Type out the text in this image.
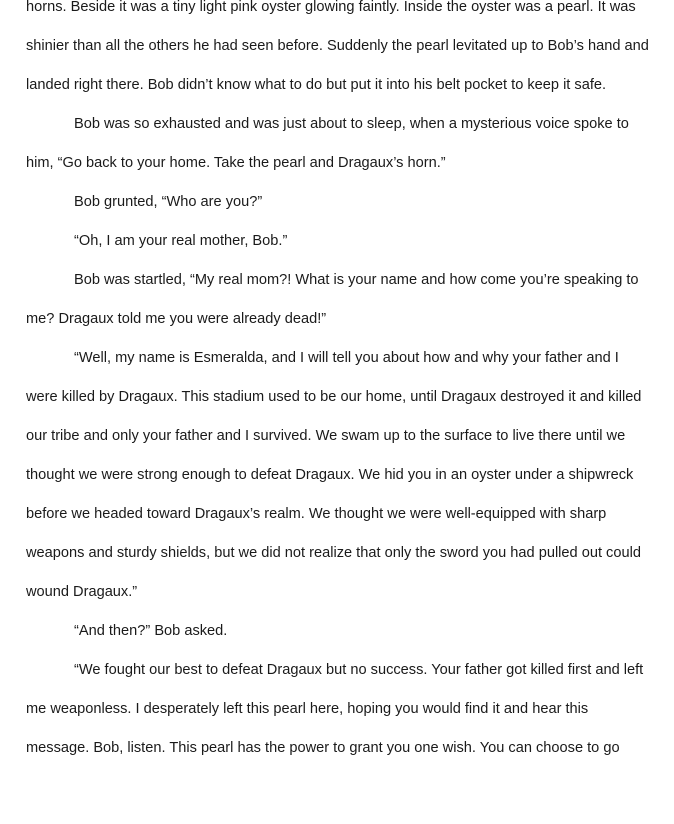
horns. Beside it was a tiny light pink oyster glowing faintly. Inside the oyster was a pearl. It was shinier than all the others he had seen before. Suddenly the pearl levitated up to Bob’s hand and landed right there. Bob didn’t know what to do but put it into his belt pocket to keep it safe.

Bob was so exhausted and was just about to sleep, when a mysterious voice spoke to him, “Go back to your home. Take the pearl and Dragaux’s horn.”

Bob grunted, “Who are you?”

“Oh, I am your real mother, Bob.”

Bob was startled, “My real mom?! What is your name and how come you’re speaking to me? Dragaux told me you were already dead!”

“Well, my name is Esmeralda, and I will tell you about how and why your father and I were killed by Dragaux. This stadium used to be our home, until Dragaux destroyed it and killed our tribe and only your father and I survived. We swam up to the surface to live there until we thought we were strong enough to defeat Dragaux. We hid you in an oyster under a shipwreck before we headed toward Dragaux’s realm. We thought we were well-equipped with sharp weapons and sturdy shields, but we did not realize that only the sword you had pulled out could wound Dragaux.”

“And then?” Bob asked.

“We fought our best to defeat Dragaux but no success. Your father got killed first and left me weaponless. I desperately left this pearl here, hoping you would find it and hear this message. Bob, listen. This pearl has the power to grant you one wish. You can choose to go
